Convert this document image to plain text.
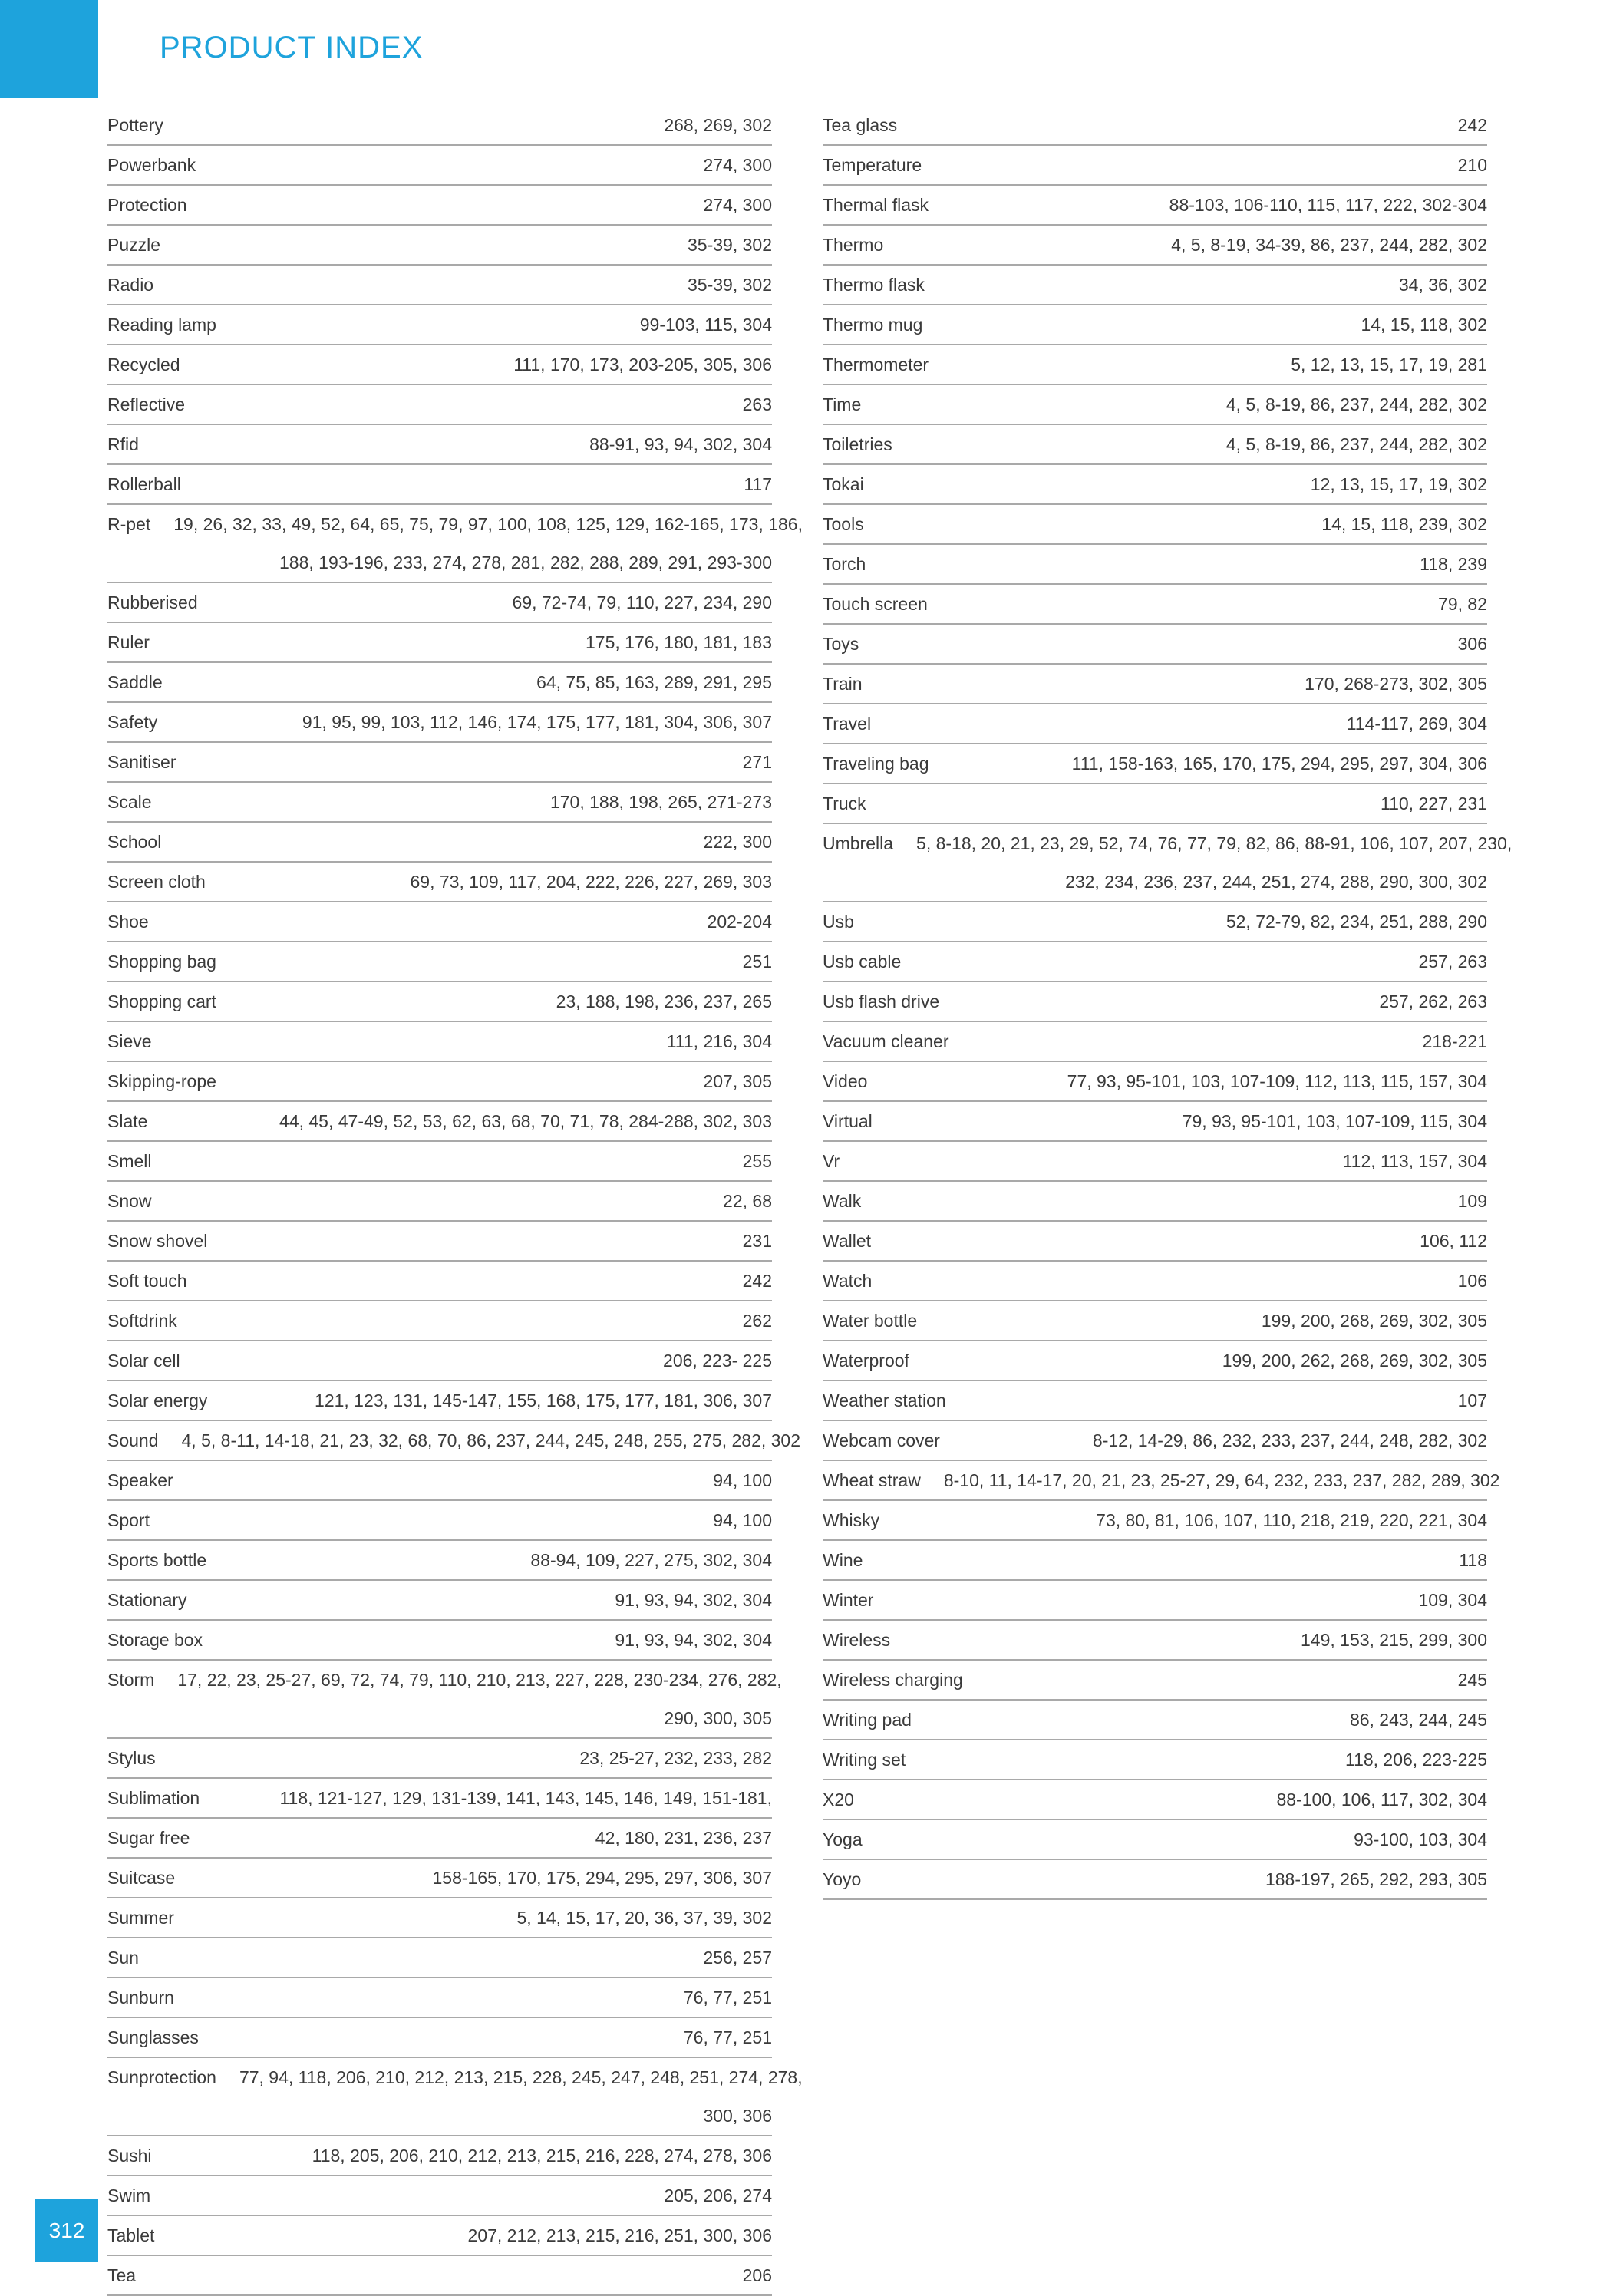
PRODUCT INDEX
Pottery	268, 269, 302
Powerbank	274, 300
Protection	274, 300
Puzzle	35-39, 302
Radio	35-39, 302
Reading lamp	99-103, 115, 304
Recycled	111, 170, 173, 203-205, 305, 306
Reflective	263
Rfid	88-91, 93, 94, 302, 304
Rollerball	117
R-pet	19, 26, 32, 33, 49, 52, 64, 65, 75, 79, 97, 100, 108, 125, 129, 162-165, 173, 186,
188, 193-196, 233, 274, 278, 281, 282, 288, 289, 291, 293-300
Rubberised	69, 72-74, 79, 110, 227, 234, 290
Ruler	175, 176, 180, 181, 183
Saddle	64, 75, 85, 163, 289, 291, 295
Safety	91, 95, 99, 103, 112, 146, 174, 175, 177, 181, 304, 306, 307
Sanitiser	271
Scale	170, 188, 198, 265, 271-273
School	222, 300
Screen cloth	69, 73, 109, 117, 204, 222, 226, 227, 269, 303
Shoe	202-204
Shopping bag	251
Shopping cart	23, 188, 198, 236, 237, 265
Sieve	111, 216, 304
Skipping-rope	207, 305
Slate	44, 45, 47-49, 52, 53, 62, 63, 68, 70, 71, 78, 284-288, 302, 303
Smell	255
Snow	22, 68
Snow shovel	231
Soft touch	242
Softdrink	262
Solar cell	206, 223- 225
Solar energy	121, 123, 131, 145-147, 155, 168, 175, 177, 181, 306, 307
Sound	4, 5, 8-11, 14-18, 21, 23, 32, 68, 70, 86, 237, 244, 245, 248, 255, 275, 282, 302
Speaker	94, 100
Sport	94, 100
Sports bottle	88-94, 109, 227, 275, 302, 304
Stationary	91, 93, 94, 302, 304
Storage box	91, 93, 94, 302, 304
Storm	17, 22, 23, 25-27, 69, 72, 74, 79, 110, 210, 213, 227, 228, 230-234, 276, 282,
290, 300, 305
Stylus	23, 25-27, 232, 233, 282
Sublimation	118, 121-127, 129, 131-139, 141, 143, 145, 146, 149, 151-181,
Sugar free	42, 180, 231, 236, 237
Suitcase	158-165, 170, 175, 294, 295, 297, 306, 307
Summer	5, 14, 15, 17, 20, 36, 37, 39, 302
Sun	256, 257
Sunburn	76, 77, 251
Sunglasses	76, 77, 251
Sunprotection	77, 94, 118, 206, 210, 212, 213, 215, 228, 245, 247, 248, 251, 274, 278,
300, 306
Sushi	118, 205, 206, 210, 212, 213, 215, 216, 228, 274, 278, 306
Swim	205, 206, 274
Tablet	207, 212, 213, 215, 216, 251, 300, 306
Tea	206
Tea glass	242
Temperature	210
Thermal flask	88-103, 106-110, 115, 117, 222, 302-304
Thermo	4, 5, 8-19, 34-39, 86, 237, 244, 282, 302
Thermo flask	34, 36, 302
Thermo mug	14, 15, 118, 302
Thermometer	5, 12, 13, 15, 17, 19, 281
Time	4, 5, 8-19, 86, 237, 244, 282, 302
Toiletries	4, 5, 8-19, 86, 237, 244, 282, 302
Tokai	12, 13, 15, 17, 19, 302
Tools	14, 15, 118, 239, 302
Torch	118, 239
Touch screen	79, 82
Toys	306
Train	170, 268-273, 302, 305
Travel	114-117, 269, 304
Traveling bag	111, 158-163, 165, 170, 175, 294, 295, 297, 304, 306
Truck	110, 227, 231
Umbrella	5, 8-18, 20, 21, 23, 29, 52, 74, 76, 77, 79, 82, 86, 88-91, 106, 107, 207, 230,
232, 234, 236, 237, 244, 251, 274, 288, 290, 300, 302
Usb	52, 72-79, 82, 234, 251, 288, 290
Usb cable	257, 263
Usb flash drive	257, 262, 263
Vacuum cleaner	218-221
Video	77, 93, 95-101, 103, 107-109, 112, 113, 115, 157, 304
Virtual	79, 93, 95-101, 103, 107-109, 115, 304
Vr	112, 113, 157, 304
Walk	109
Wallet	106, 112
Watch	106
Water bottle	199, 200, 268, 269, 302, 305
Waterproof	199, 200, 262, 268, 269, 302, 305
Weather station	107
Webcam cover	8-12, 14-29, 86, 232, 233, 237, 244, 248, 282, 302
Wheat straw	8-10, 11, 14-17, 20, 21, 23, 25-27, 29, 64, 232, 233, 237, 282, 289, 302
Whisky	73, 80, 81, 106, 107, 110, 218, 219, 220, 221, 304
Wine	118
Winter	109, 304
Wireless	149, 153, 215, 299, 300
Wireless charging	245
Writing pad	86, 243, 244, 245
Writing set	118, 206, 223-225
X20	88-100, 106, 117, 302, 304
Yoga	93-100, 103, 304
Yoyo	188-197, 265, 292, 293, 305
312
